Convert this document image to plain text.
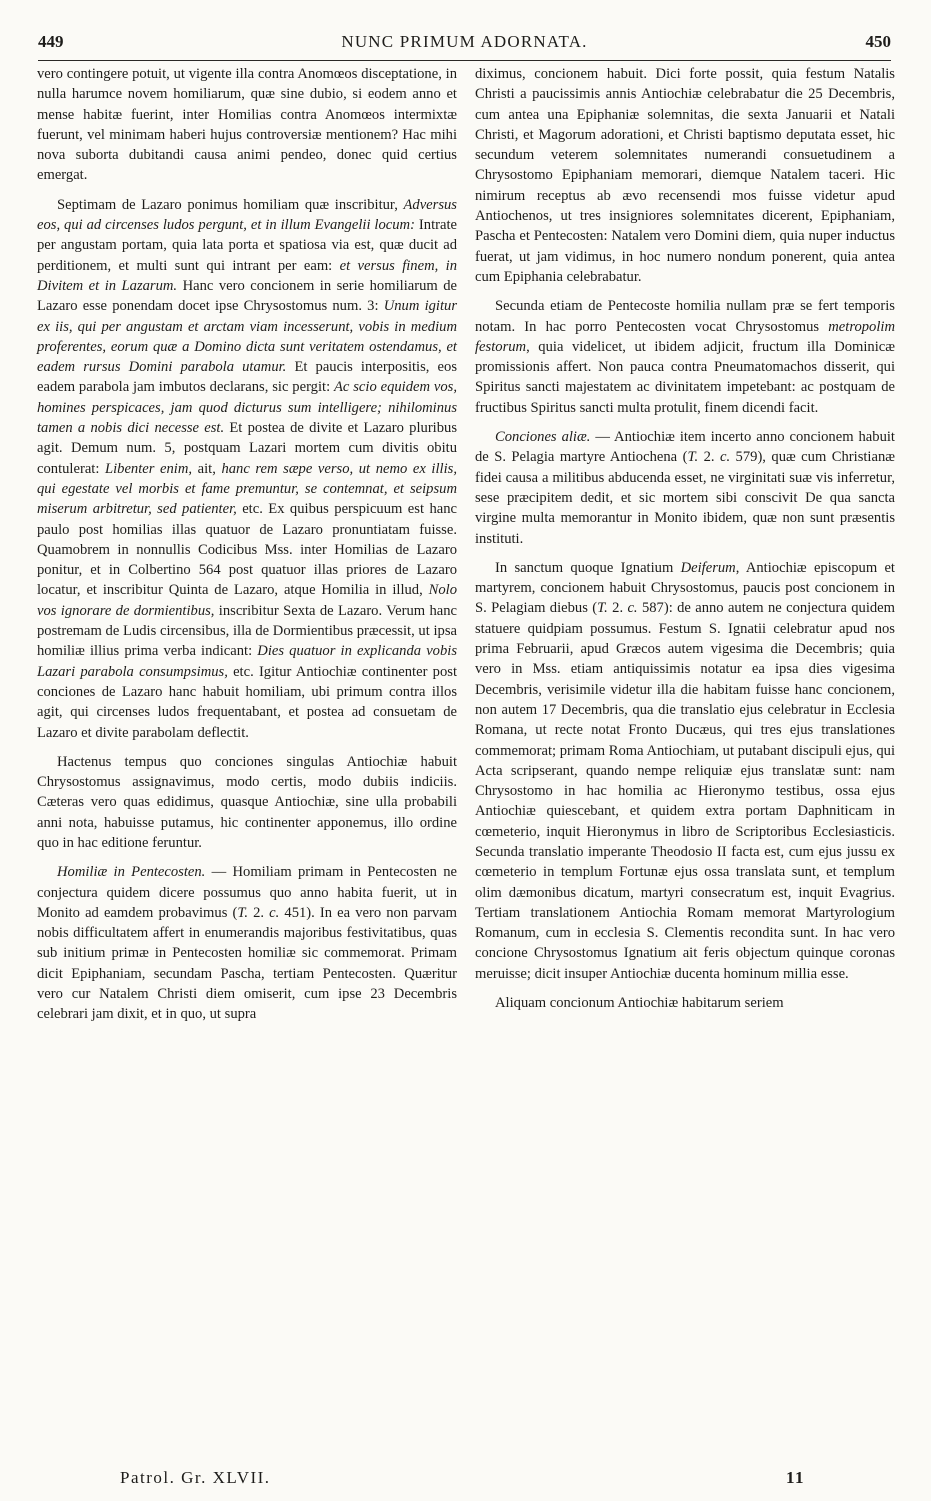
449	NUNC PRIMUM ADORNATA.	450

vero contingere potuit, ut vigente illa contra Anomœos disceptatione, in nulla harumce novem homiliarum, quæ sine dubio, si eodem anno et mense habitæ fuerint, inter Homilias contra Anomœos intermixtæ fuerunt, vel minimam haberi hujus controversiæ mentionem? Hac mihi nova suborta dubitandi causa animi pendeo, donec quid certius emergat.

Septimam de Lazaro ponimus homiliam quæ inscribitur, Adversus eos, qui ad circenses ludos pergunt, et in illum Evangelii locum: Intrate per angustam portam, quia lata porta et spatiosa via est, quæ ducit ad perditionem, et multi sunt qui intrant per eam: et versus finem, in Divitem et in Lazarum. Hanc vero concionem in serie homiliarum de Lazaro esse ponendam docet ipse Chrysostomus num. 3: Unum igitur ex iis, qui per angustam et arctam viam incesserunt, vobis in medium proferentes, eorum quæ a Domino dicta sunt veritatem ostendamus, et eadem rursus Domini parabola utamur. Et paucis interpositis, eos eadem parabola jam imbutos declarans, sic pergit: Ac scio equidem vos, homines perspicaces, jam quod dicturus sum intelligere; nihilominus tamen a nobis dici necesse est. Et postea de divite et Lazaro pluribus agit. Demum num. 5, postquam Lazari mortem cum divitis obitu contulerat: Libenter enim, ait, hanc rem sæpe verso, ut nemo ex illis, qui egestate vel morbis et fame premuntur, se contemnat, et seipsum miserum arbitretur, sed patienter, etc. Ex quibus perspicuum est hanc paulo post homilias illas quatuor de Lazaro pronuntiatam fuisse. Quamobrem in nonnullis Codicibus Mss. inter Homilias de Lazaro ponitur, et in Colbertino 564 post quatuor illas priores de Lazaro locatur, et inscribitur Quinta de Lazaro, atque Homilia in illud, Nolo vos ignorare de dormientibus, inscribitur Sexta de Lazaro. Verum hanc postremam de Ludis circensibus, illa de Dormientibus præcessit, ut ipsa homiliæ illius prima verba indicant: Dies quatuor in explicanda vobis Lazari parabola consumpsimus, etc. Igitur Antiochiæ continenter post conciones de Lazaro hanc habuit homiliam, ubi primum contra illos agit, qui circenses ludos frequentabant, et postea ad consuetam de Lazaro et divite parabolam deflectit.

Hactenus tempus quo conciones singulas Antiochiæ habuit Chrysostomus assignavimus, modo certis, modo dubiis indiciis. Cæteras vero quas edidimus, quasque Antiochiæ, sine ulla probabili anni nota, habuisse putamus, hic continenter apponemus, illo ordine quo in hac editione feruntur.

Homiliæ in Pentecosten. — Homiliam primam in Pentecosten ne conjectura quidem dicere possumus quo anno habita fuerit, ut in Monito ad eamdem probavimus (T. 2. c. 451). In ea vero non parvam nobis difficultatem affert in enumerandis majoribus festivitatibus, quas sub initium primæ in Pentecosten homiliæ sic commemorat. Primam dicit Epiphaniam, secundam Pascha, tertiam Pentecosten. Quæritur vero cur Natalem Christi diem omiserit, cum ipse 23 Decembris celebrari jam dixit, et in quo, ut supra

diximus, concionem habuit. Dici forte possit, quia festum Natalis Christi a paucissimis annis Antiochiæ celebrabatur die 25 Decembris, cum antea una Epiphaniæ solemnitas, die sexta Januarii et Natali Christi, et Magorum adorationi, et Christi baptismo deputata esset, hic secundum veterem solemnitates numerandi consuetudinem a Chrysostomo Epiphaniam memorari, diemque Natalem taceri. Hic nimirum receptus ab ævo recensendi mos fuisse videtur apud Antiochenos, ut tres insigniores solemnitates dicerent, Epiphaniam, Pascha et Pentecosten: Natalem vero Domini diem, quia nuper inductus fuerat, ut jam vidimus, in hoc numero nondum ponerent, quia antea cum Epiphania celebrabatur.

Secunda etiam de Pentecoste homilia nullam præ se fert temporis notam. In hac porro Pentecosten vocat Chrysostomus metropolim festorum, quia videlicet, ut ibidem adjicit, fructum illa Dominicæ promissionis affert. Non pauca contra Pneumatomachos disserit, qui Spiritus sancti majestatem ac divinitatem impetebant: ac postquam de fructibus Spiritus sancti multa protulit, finem dicendi facit.

Conciones aliæ. — Antiochiæ item incerto anno concionem habuit de S. Pelagia martyre Antiochena (T. 2. c. 579), quæ cum Christianæ fidei causa a militibus abducenda esset, ne virginitati suæ vis inferretur, sese præcipitem dedit, et sic mortem sibi conscivit De qua sancta virgine multa memorantur in Monito ibidem, quæ non sunt præsentis instituti.

In sanctum quoque Ignatium Deiferum, Antiochiæ episcopum et martyrem, concionem habuit Chrysostomus, paucis post concionem in S. Pelagiam diebus (T. 2. c. 587): de anno autem ne conjectura quidem statuere quidpiam possumus. Festum S. Ignatii celebratur apud nos prima Februarii, apud Græcos autem vigesima die Decembris; quia vero in Mss. etiam antiquissimis notatur ea ipsa dies vigesima Decembris, verisimile videtur illa die habitam fuisse hanc concionem, non autem 17 Decembris, qua die translatio ejus celebratur in Ecclesia Romana, ut recte notat Fronto Ducæus, qui tres ejus translationes commemorat; primam Roma Antiochiam, ut putabant discipuli ejus, qui Acta scripserant, quando nempe reliquiæ ejus translatæ sunt: nam Chrysostomo in hac homilia ac Hieronymo testibus, ossa ejus Antiochiæ quiescebant, et quidem extra portam Daphniticam in cœmeterio, inquit Hieronymus in libro de Scriptoribus Ecclesiasticis. Secunda translatio imperante Theodosio II facta est, cum ejus jussu ex cœmeterio in templum Fortunæ ejus ossa translata sunt, et templum olim dæmonibus dicatum, martyri consecratum est, inquit Evagrius. Tertiam translationem Antiochia Romam memorat Martyrologium Romanum, cum in ecclesia S. Clementis recondita sunt. In hac vero concione Chrysostomus Ignatium ait feris objectum quinque coronas meruisse; dicit insuper Antiochiæ ducenta hominum millia esse.

Aliquam concionum Antiochiæ habitarum seriem

Patrol. Gr. XLVII.	11
